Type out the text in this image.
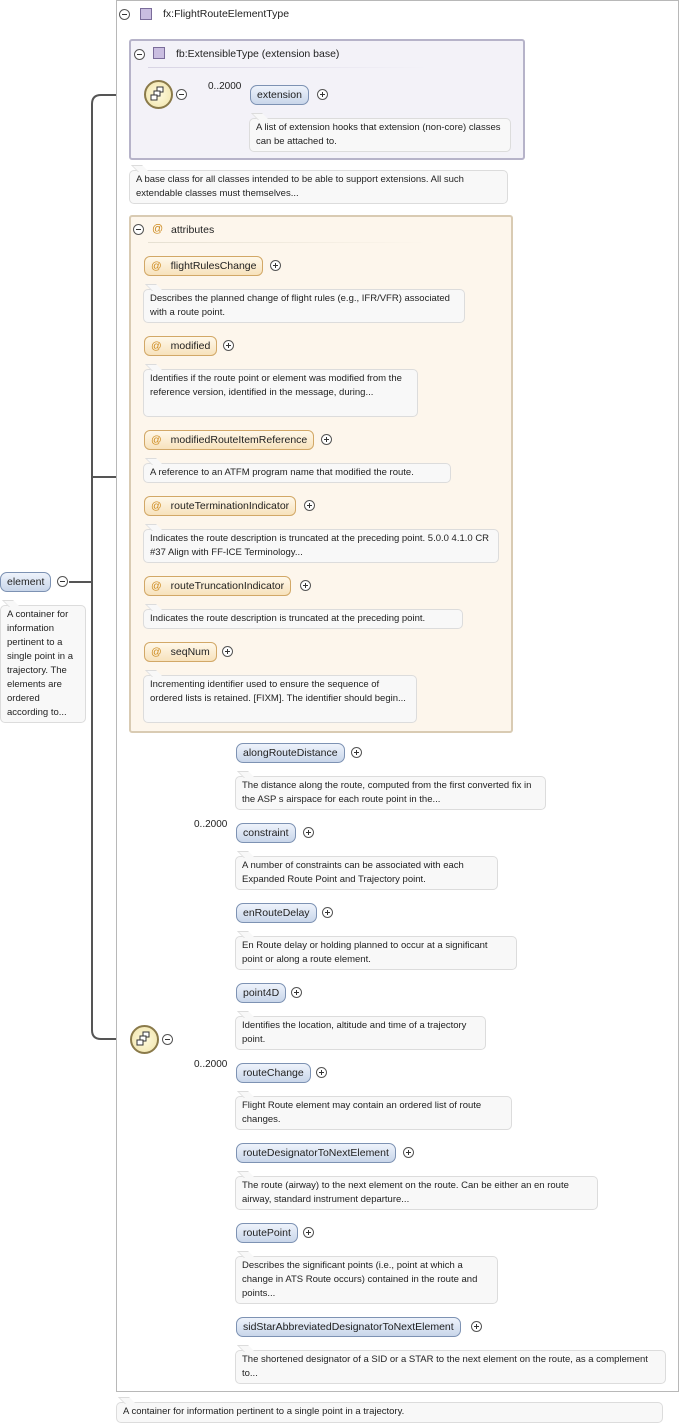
fx:FlightRouteElementType
fb:ExtensibleType (extension base)
0..2000
extension
A list of extension hooks that extension (non-core) classes can be attached to.
A base class for all classes intended to be able to support extensions. All such extendable classes must themselves...
@ attributes
@ flightRulesChange
Describes the planned change of flight rules (e.g., IFR/VFR) associated with a route point.
@ modified
Identifies if the route point or element was modified from the reference version, identified in the message, during...
@ modifiedRouteItemReference
A reference to an ATFM program name that modified the route.
@ routeTerminationIndicator
Indicates the route description is truncated at the preceding point. 5.0.0 4.1.0 CR #37 Align with FF-ICE Terminology...
@ routeTruncationIndicator
Indicates the route description is truncated at the preceding point.
@ seqNum
Incrementing identifier used to ensure the sequence of ordered lists is retained. [FIXM]. The identifier should begin...
alongRouteDistance
The distance along the route, computed from the first converted fix in the ASP s airspace for each route point in the...
0..2000
constraint
A number of constraints can be associated with each Expanded Route Point and Trajectory point.
enRouteDelay
En Route delay or holding planned to occur at a significant point or along a route element.
point4D
Identifies the location, altitude and time of a trajectory point.
0..2000
routeChange
Flight Route element may contain an ordered list of route changes.
routeDesignatorToNextElement
The route (airway) to the next element on the route. Can be either an en route airway, standard instrument departure...
routePoint
Describes the significant points (i.e., point at which a change in ATS Route occurs) contained in the route and points...
sidStarAbbreviatedDesignatorToNextElement
The shortened designator of a SID or a STAR to the next element on the route, as a complement to...
element
A container for information pertinent to a single point in a trajectory. The elements are ordered according to...
A container for information pertinent to a single point in a trajectory.
